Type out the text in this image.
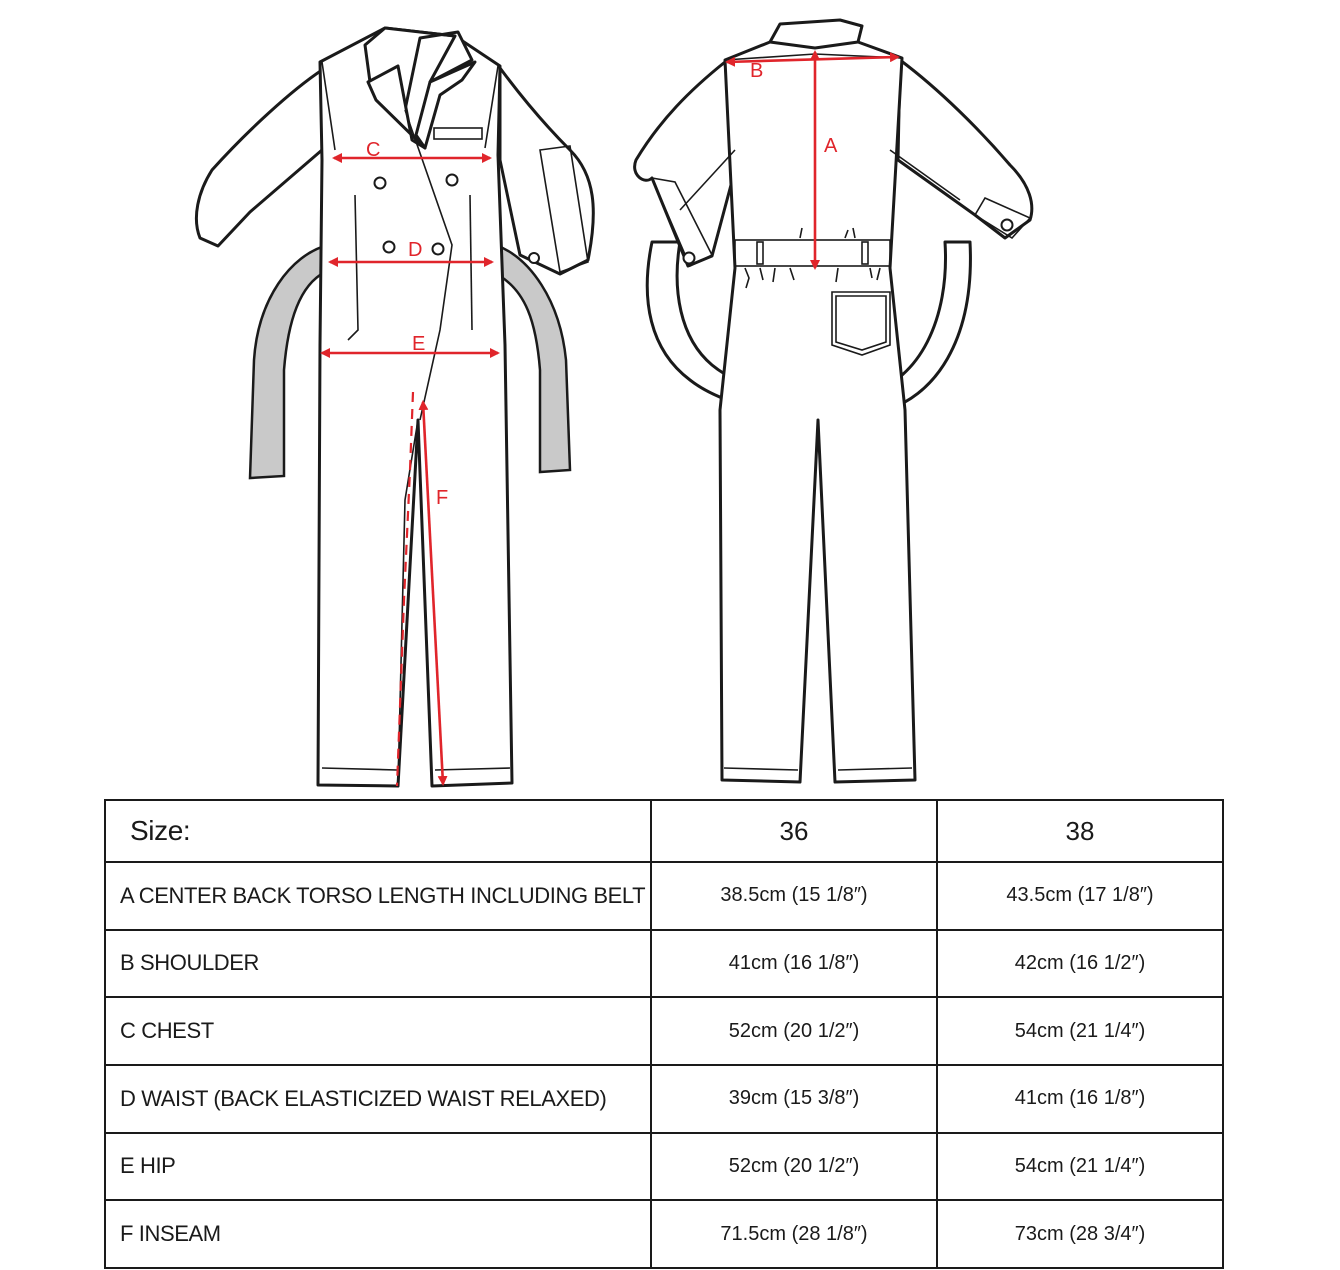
C
D
E
F
B
A
Size:	36	38
A CENTER BACK TORSO LENGTH INCLUDING BELT	38.5cm (15 1/8″)	43.5cm (17 1/8″)
B SHOULDER	41cm (16 1/8″)	42cm (16 1/2″)
C CHEST	52cm (20 1/2″)	54cm (21 1/4″)
D WAIST (BACK ELASTICIZED WAIST RELAXED)	39cm (15 3/8″)	41cm (16 1/8″)
E HIP	52cm (20 1/2″)	54cm (21 1/4″)
F INSEAM	71.5cm (28 1/8″)	73cm (28 3/4″)
